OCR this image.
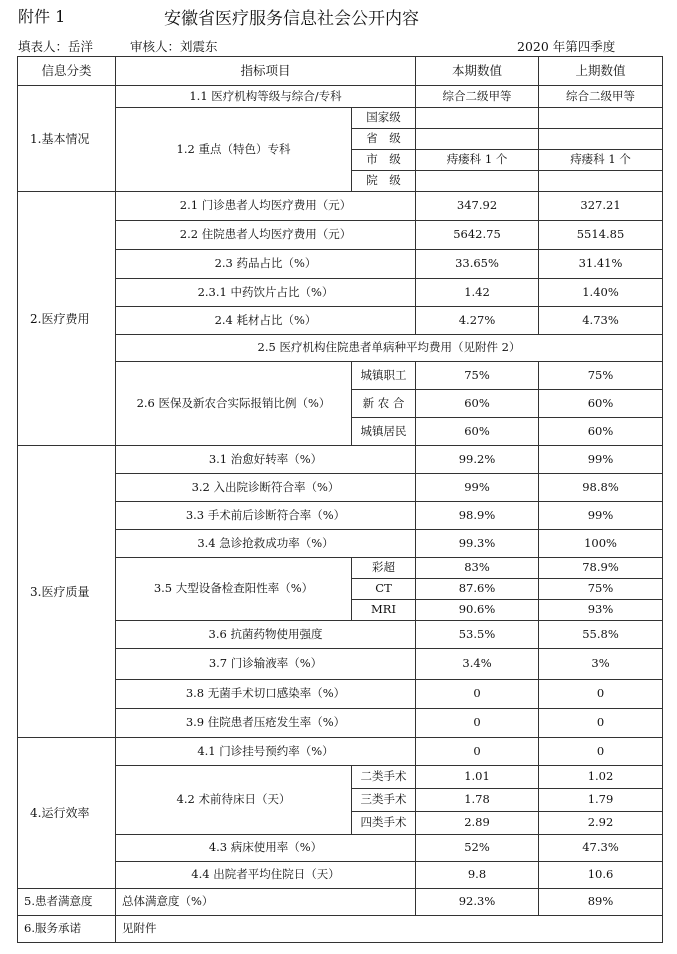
附件 1	安徽省医疗服务信息社会公开内容
填表人：岳洋	审核人：刘震东	2020 年第四季度
信息分类	指标项目		本期数值	上期数值
1.基本情况	1.1 医疗机构等级与综合/专科		综合二级甲等	综合二级甲等
	1.2 重点（特色）专科	国家级		
		省　级		
		市　级	痔瘘科 1 个	痔瘘科 1 个
		院　级		
2.医疗费用	2.1 门诊患者人均医疗费用（元）		347.92	327.21
	2.2 住院患者人均医疗费用（元）		5642.75	5514.85
	2.3 药品占比（%）		33.65%	31.41%
	2.3.1 中药饮片占比（%）		1.42	1.40%
	2.4 耗材占比（%）		4.27%	4.73%
	2.5 医疗机构住院患者单病种平均费用（见附件 2）			
	2.6 医保及新农合实际报销比例（%）	城镇职工	75%	75%
		新 农 合	60%	60%
		城镇居民	60%	60%
3.医疗质量	3.1 治愈好转率（%）		99.2%	99%
	3.2 入出院诊断符合率（%）		99%	98.8%
	3.3 手术前后诊断符合率（%）		98.9%	99%
	3.4 急诊抢救成功率（%）		99.3%	100%
	3.5 大型设备检查阳性率（%）	彩超	83%	78.9%
		CT	87.6%	75%
		MRI	90.6%	93%
	3.6 抗菌药物使用强度		53.5%	55.8%
	3.7 门诊输液率（%）		3.4%	3%
	3.8 无菌手术切口感染率（%）		0	0
	3.9 住院患者压疮发生率（%）		0	0
4.运行效率	4.1 门诊挂号预约率（%）		0	0
	4.2 术前待床日（天）	二类手术	1.01	1.02
		三类手术	1.78	1.79
		四类手术	2.89	2.92
	4.3 病床使用率（%）		52%	47.3%
	4.4 出院者平均住院日（天）		9.8	10.6
5.患者满意度	总体满意度（%）		92.3%	89%
6.服务承诺	见附件			
